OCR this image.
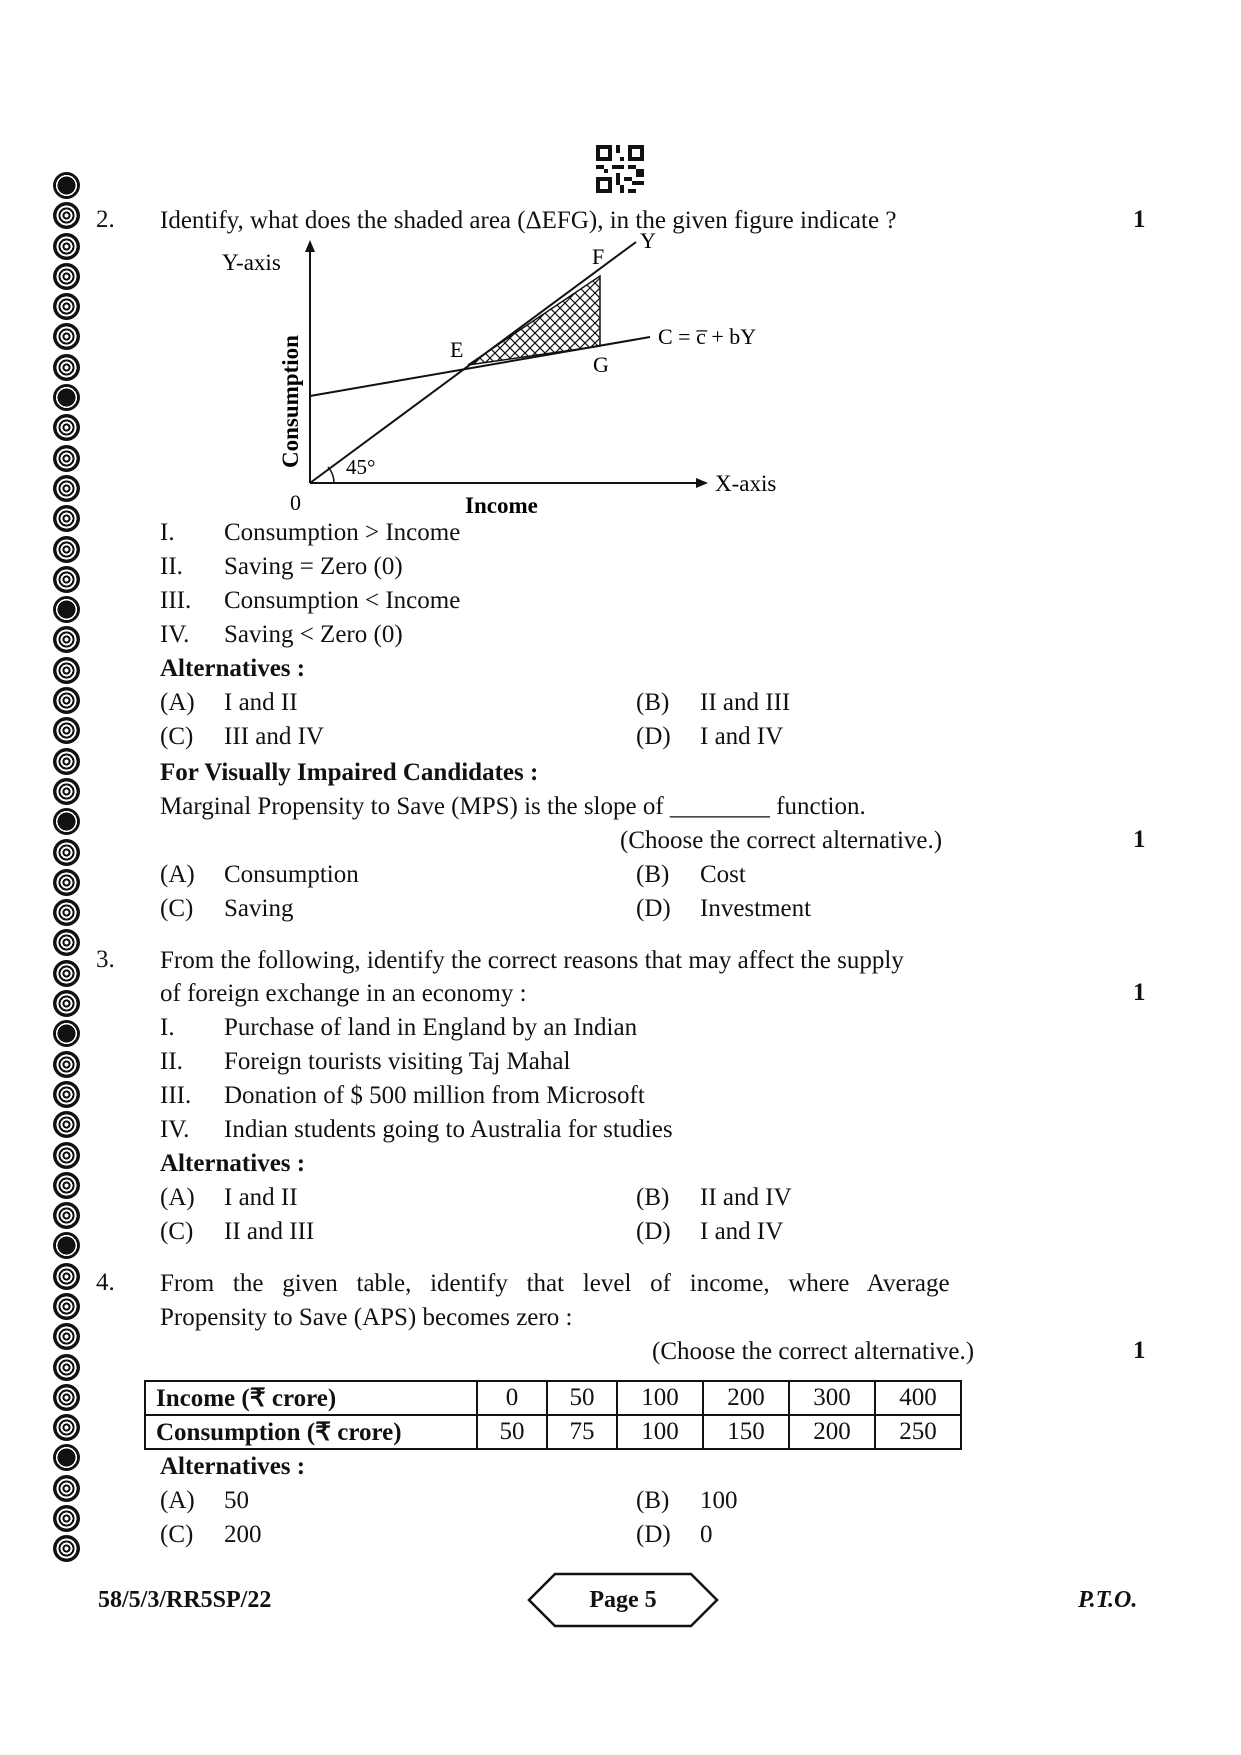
2. Identify, what does the shaded area (ΔEFG), in the given figure indicate ?	1
Y-axis
X-axis
0	Income
Consumption 45°
E
F
G
Y
C = c̅ + bY
I. Consumption > Income
II. Saving = Zero (0)
III. Consumption < Income
IV. Saving < Zero (0)
Alternatives :
(A) I and II	(B) II and III
(C) III and IV	(D) I and IV
For Visually Impaired Candidates :
Marginal Propensity to Save (MPS) is the slope of ________ function.
(Choose the correct alternative.)	1
(A) Consumption	(B) Cost
(C) Saving	(D) Investment
3. From the following, identify the correct reasons that may affect the supply
of foreign exchange in an economy :	1
I. Purchase of land in England by an Indian
II. Foreign tourists visiting Taj Mahal
III. Donation of $ 500 million from Microsoft
IV. Indian students going to Australia for studies
Alternatives :
(A) I and II	(B) II and IV
(C) II and III	(D) I and IV
4. From   the   given   table,   identify   that   level   of   income,   where   Average
Propensity to Save (APS) becomes zero :
(Choose the correct alternative.)	1
Income (₹ crore)	0	50	100	200	300	400
Consumption (₹ crore)	50	75	100	150	200	250
Alternatives :
(A) 50	(B) 100
(C) 200	(D) 0
58/5/3/RR5SP/22	Page 5	P.T.O.
